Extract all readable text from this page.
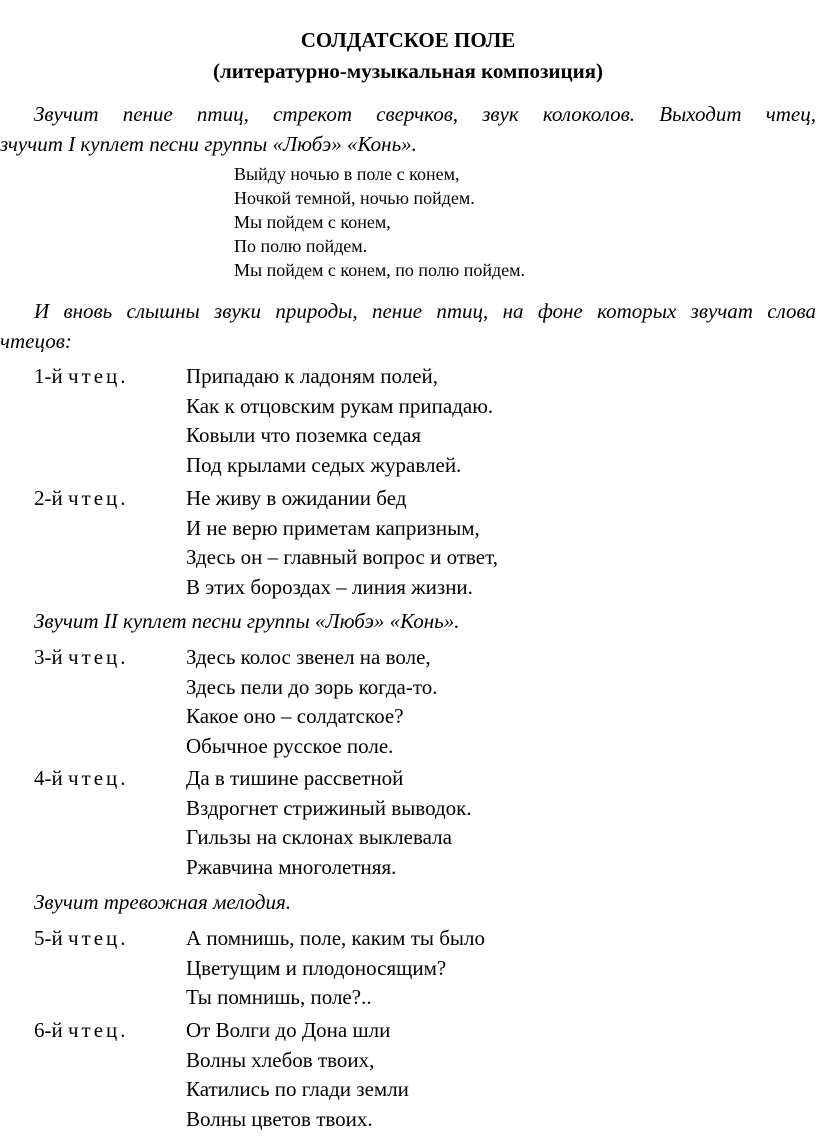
СОЛДАТСКОЕ ПОЛЕ
(литературно-музыкальная композиция)
Звучит пение птиц, стрекот сверчков, звук колоколов. Выходит чтец,
зчучит I куплет песни группы «Любэ» «Конь».
Выйду ночью в поле с конем,
Ночкой темной, ночью пойдем.
Мы пойдем с конем,
По полю пойдем.
Мы пойдем с конем, по полю пойдем.
И вновь слышны звуки природы, пение птиц, на фоне которых звучат слова
чтецов:
1-й чтец.	Припадаю к ладоням полей,
Как к отцовским рукам припадаю.
Ковыли что поземка седая
Под крылами седых журавлей.
2-й чтец.	Не живу в ожидании бед
И не верю приметам капризным,
Здесь он – главный вопрос и ответ,
В этих бороздах – линия жизни.
Звучит II куплет песни группы «Любэ» «Конь».
3-й чтец.	Здесь колос звенел на воле,
Здесь пели до зорь когда-то.
Какое оно – солдатское?
Обычное русское поле.
4-й чтец.	Да в тишине рассветной
Вздрогнет стрижиный выводок.
Гильзы на склонах выклевала
Ржавчина многолетняя.
Звучит тревожная мелодия.
5-й чтец.	А помнишь, поле, каким ты было
Цветущим и плодоносящим?
Ты помнишь, поле?..
6-й чтец.	От Волги до Дона шли
Волны хлебов твоих,
Катились по глади земли
Волны цветов твоих.
